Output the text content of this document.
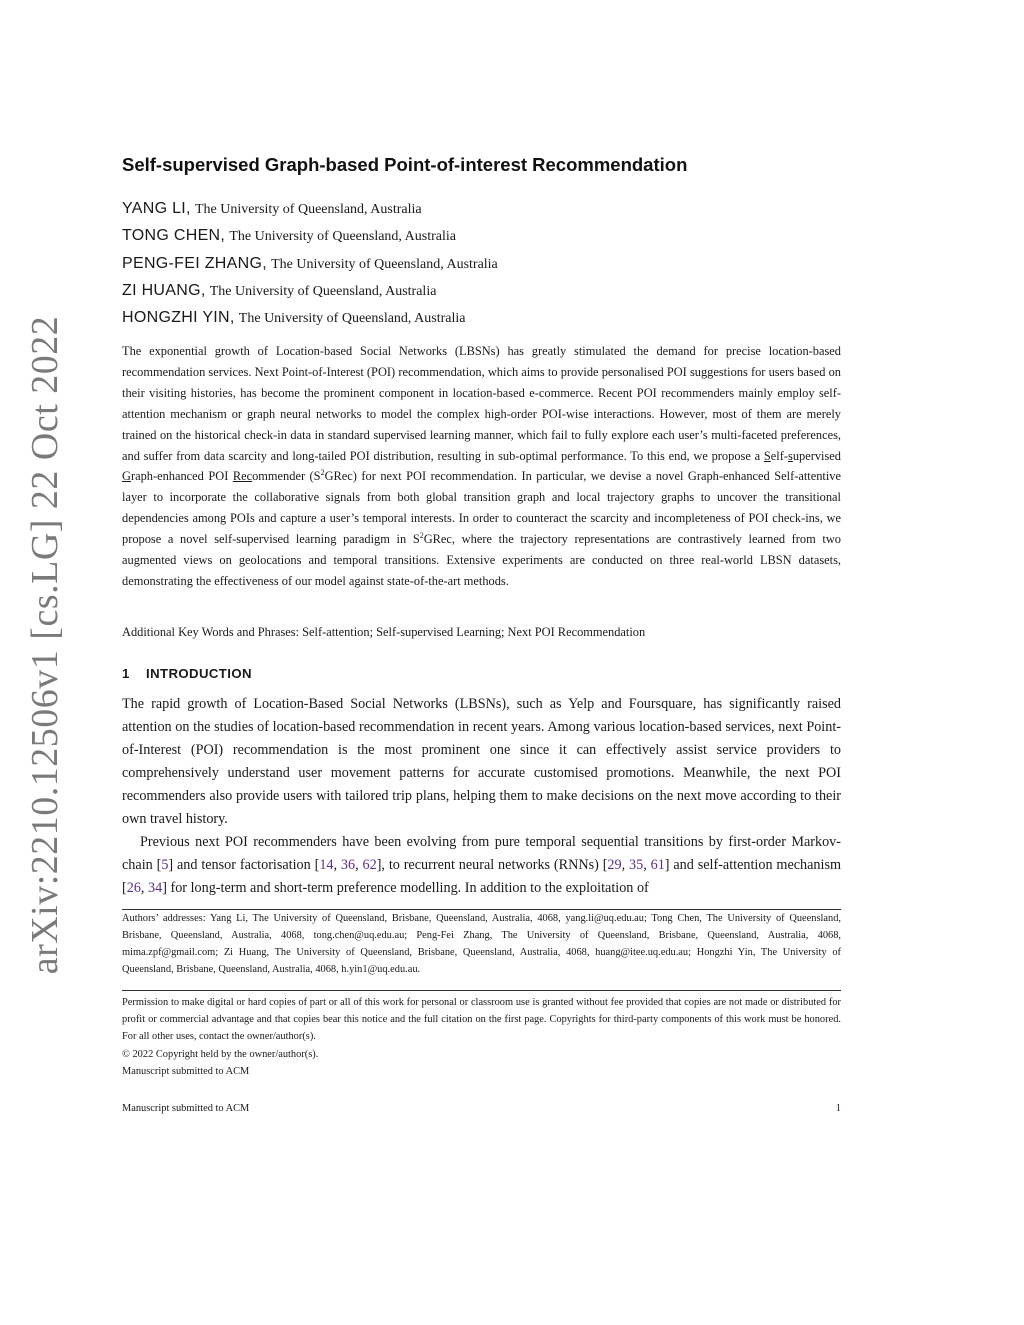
arXiv:2210.12506v1 [cs.LG] 22 Oct 2022
Self-supervised Graph-based Point-of-interest Recommendation
YANG LI, The University of Queensland, Australia
TONG CHEN, The University of Queensland, Australia
PENG-FEI ZHANG, The University of Queensland, Australia
ZI HUANG, The University of Queensland, Australia
HONGZHI YIN, The University of Queensland, Australia
The exponential growth of Location-based Social Networks (LBSNs) has greatly stimulated the demand for precise location-based recommendation services. Next Point-of-Interest (POI) recommendation, which aims to provide personalised POI suggestions for users based on their visiting histories, has become the prominent component in location-based e-commerce. Recent POI recommenders mainly employ self-attention mechanism or graph neural networks to model the complex high-order POI-wise interactions. However, most of them are merely trained on the historical check-in data in standard supervised learning manner, which fail to fully explore each user’s multi-faceted preferences, and suffer from data scarcity and long-tailed POI distribution, resulting in sub-optimal performance. To this end, we propose a Self-supervised Graph-enhanced POI Recommender $(S^2GRec)$ for next POI recommendation. In particular, we devise a novel Graph-enhanced Self-attentive layer to incorporate the collaborative signals from both global transition graph and local trajectory graphs to uncover the transitional dependencies among POIs and capture a user’s temporal interests. In order to counteract the scarcity and incompleteness of POI check-ins, we propose a novel self-supervised learning paradigm in $S^2GRec$, where the trajectory representations are contrastively learned from two augmented views on geolocations and temporal transitions. Extensive experiments are conducted on three real-world LBSN datasets, demonstrating the effectiveness of our model against state-of-the-art methods.
Additional Key Words and Phrases: Self-attention; Self-supervised Learning; Next POI Recommendation
1 INTRODUCTION

The rapid growth of Location-Based Social Networks (LBSNs), such as Yelp and Foursquare, has significantly raised attention on the studies of location-based recommendation in recent years. Among various location-based services, next Point-of-Interest (POI) recommendation is the most prominent one since it can effectively assist service providers to comprehensively understand user movement patterns for accurate customised promotions. Meanwhile, the next POI recommenders also provide users with tailored trip plans, helping them to make decisions on the next move according to their own travel history.

Previous next POI recommenders have been evolving from pure temporal sequential transitions by first-order Markov-chain [5] and tensor factorisation [14, 36, 62], to recurrent neural networks (RNNs) [29, 35, 61] and self-attention mechanism [26, 34] for long-term and short-term preference modelling. In addition to the exploitation of

Authors’ addresses: Yang Li, The University of Queensland, Brisbane, Queensland, Australia, 4068, yang.li@uq.edu.au; Tong Chen, The University of Queensland, Brisbane, Queensland, Australia, 4068, tong.chen@uq.edu.au; Peng-Fei Zhang, The University of Queensland, Brisbane, Queensland, Australia, 4068, mima.zpf@gmail.com; Zi Huang, The University of Queensland, Brisbane, Queensland, Australia, 4068, huang@itee.uq.edu.au; Hongzhi Yin, The University of Queensland, Brisbane, Queensland, Australia, 4068, h.yin1@uq.edu.au.
Permission to make digital or hard copies of part or all of this work for personal or classroom use is granted without fee provided that copies are not made or distributed for profit or commercial advantage and that copies bear this notice and the full citation on the first page. Copyrights for third-party components of this work must be honored. For all other uses, contact the owner/author(s).
© 2022 Copyright held by the owner/author(s).
Manuscript submitted to ACM
Manuscript submitted to ACM	1
